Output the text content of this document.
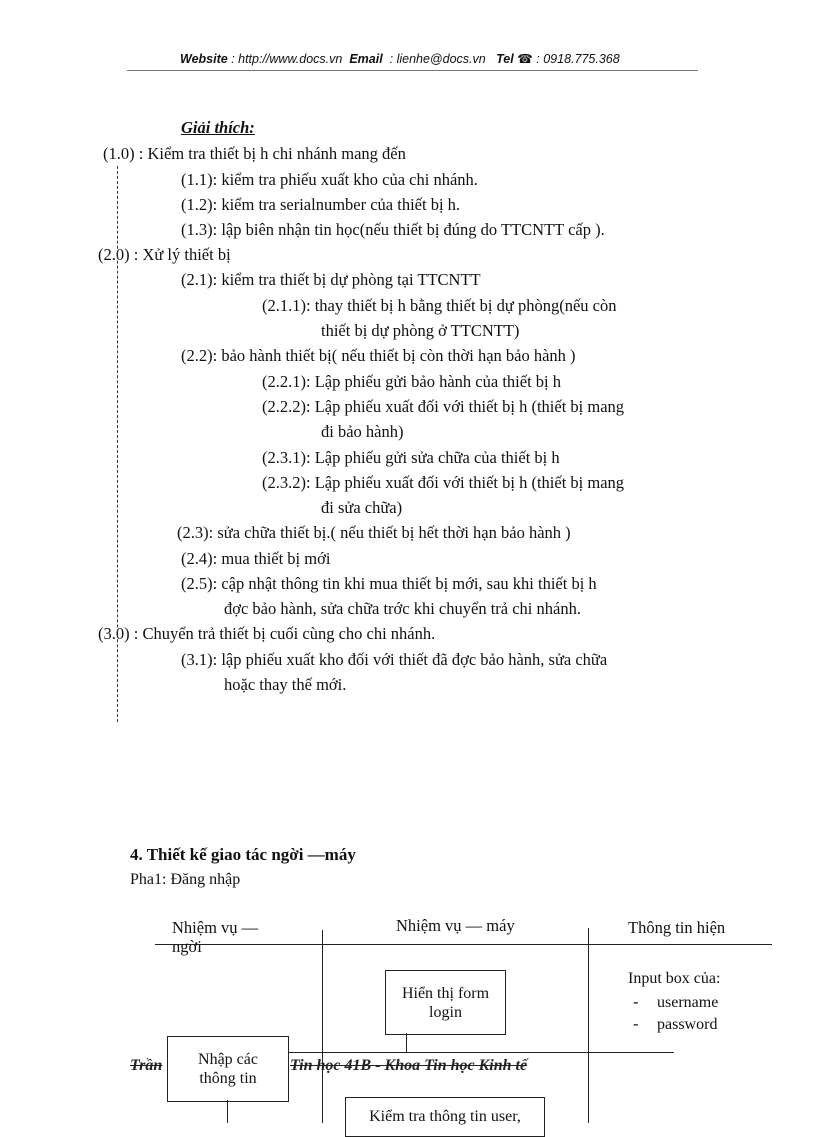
Website : http://www.docs.vn Email : lienhe@docs.vn Tel ☎ : 0918.775.368
Giải thích:
(1.0) : Kiểm tra thiết bị h chi nhánh mang đến
(1.1): kiểm tra phiếu xuất kho của chi nhánh.
(1.2): kiểm tra serialnumber của thiết bị h.
(1.3): lập biên nhận tin học(nếu thiết bị đúng do TTCNTT cấp ).
(2.0) : Xử lý thiết bị
(2.1): kiểm tra thiết bị dự phòng tại TTCNTT
(2.1.1): thay thiết bị h bằng thiết bị dự phòng(nếu còn
thiết bị dự phòng ở TTCNTT)
(2.2): bảo hành thiết bị( nếu thiết bị còn thời hạn bảo hành )
(2.2.1): Lập phiếu gửi bảo hành của thiết bị h
(2.2.2): Lập phiếu xuất đối với thiết bị h (thiết bị mang
đi bảo hành)
(2.3.1): Lập phiếu gửi sửa chữa của thiết bị h
(2.3.2): Lập phiếu xuất đối với thiết bị h (thiết bị mang
đi sửa chữa)
(2.3): sửa chữa thiết bị.( nếu thiết bị hết thời hạn bảo hành )
(2.4): mua thiết bị mới
(2.5): cập nhật thông tin khi mua thiết bị mới, sau khi thiết bị h
đợc bảo hành, sửa chữa trớc khi chuyển trả chi nhánh.
(3.0) : Chuyển trả thiết bị cuối cùng cho chi nhánh.
(3.1): lập phiếu xuất kho đối với thiết đã đợc bảo hành, sửa chữa
hoặc thay thế mới.
4. Thiết kế giao tác ngời —máy
Pha1: Đăng nhập
Nhiệm vụ —
ngời
Nhiệm vụ — máy	Thông tin hiện
Hiển thị form
login
Input box của:
- username
- password
Trần	Tin học 41B - Khoa Tin học Kinh tế
Nhập các
thông tin
Kiểm tra thông tin user,
